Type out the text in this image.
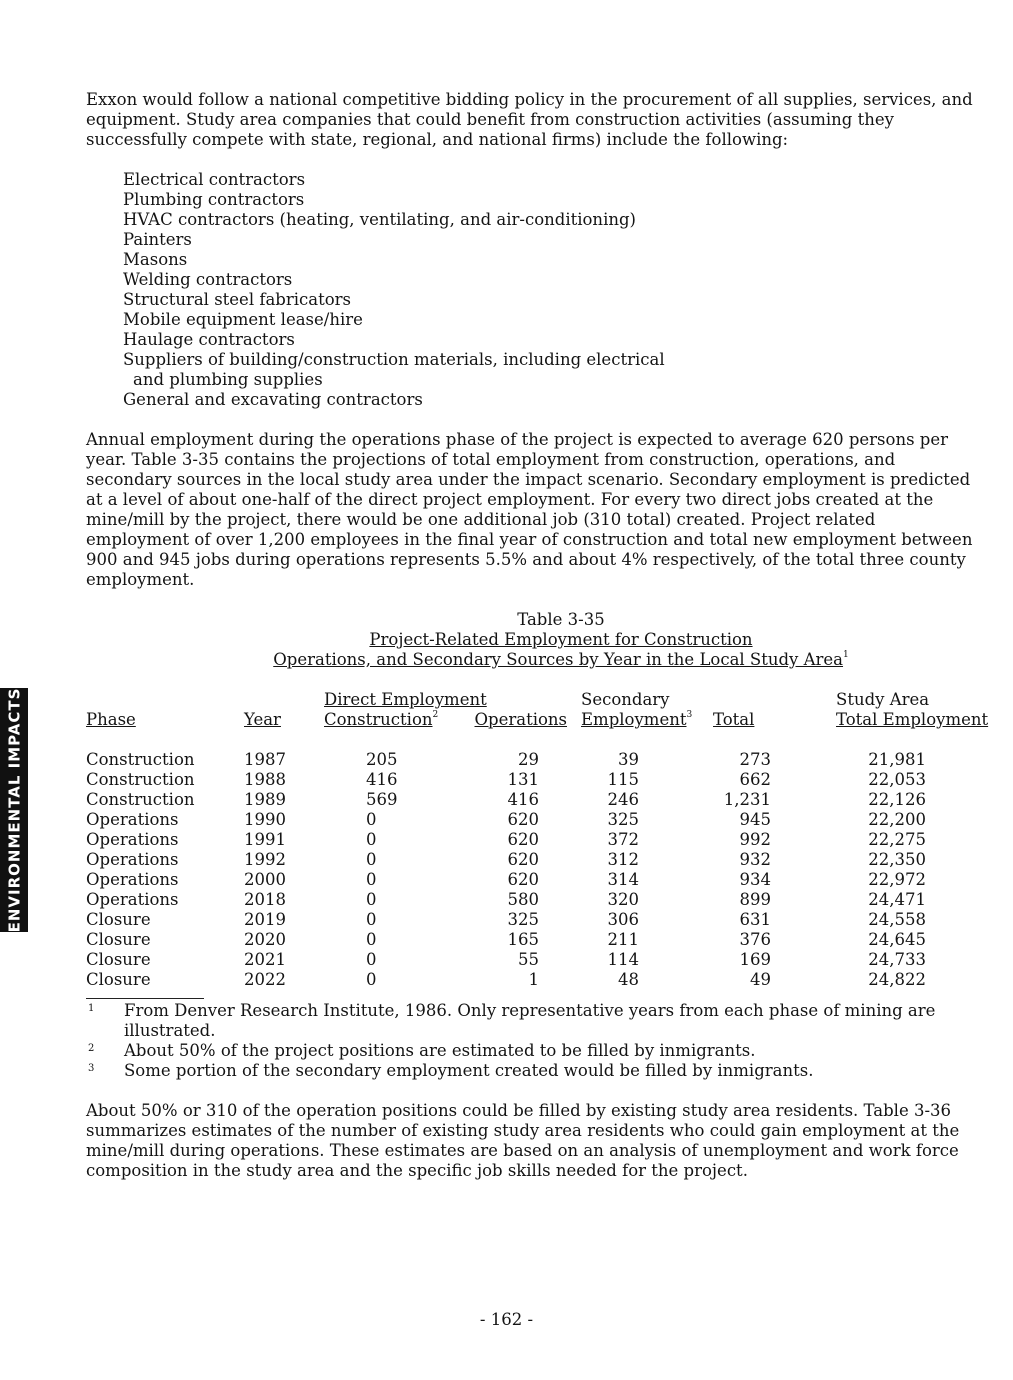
ENVIRONMENTAL IMPACTS

Exxon would follow a national competitive bidding policy in the procurement of all supplies, services, and equipment. Study area companies that could benefit from construction activities (assuming they successfully compete with state, regional, and national firms) include the following:

Electrical contractors
Plumbing contractors
HVAC contractors (heating, ventilating, and air-conditioning)
Painters
Masons
Welding contractors
Structural steel fabricators
Mobile equipment lease/hire
Haulage contractors
Suppliers of building/construction materials, including electrical
and plumbing supplies
General and excavating contractors

Annual employment during the operations phase of the project is expected to average 620 persons per year. Table 3-35 contains the projections of total employment from construction, operations, and secondary sources in the local study area under the impact scenario. Secondary employment is predicted at a level of about one-half of the direct project employment. For every two direct jobs created at the mine/mill by the project, there would be one additional job (310 total) created. Project related employment of over 1,200 employees in the final year of construction and total new employment between 900 and 945 jobs during operations represents 5.5% and about 4% respectively, of the total three county employment.

Table 3-35
Project-Related Employment for Construction
Operations, and Secondary Sources by Year in the Local Study Area$^1$
		Direct Employment		Secondary		Study Area
Phase	Year	Construction$^2$	Operations	Employment$^3$	Total	Total Employment

Construction	1987	205	29	39	273	21,981
Construction	1988	416	131	115	662	22,053
Construction	1989	569	416	246	1,231	22,126
Operations	1990	0	620	325	945	22,200
Operations	1991	0	620	372	992	22,275
Operations	1992	0	620	312	932	22,350
Operations	2000	0	620	314	934	22,972
Operations	2018	0	580	320	899	24,471
Closure	2019	0	325	306	631	24,558
Closure	2020	0	165	211	376	24,645
Closure	2021	0	55	114	169	24,733
Closure	2022	0	1	48	49	24,822

1 From Denver Research Institute, 1986. Only representative years from each phase of mining are illustrated.

2 About 50% of the project positions are estimated to be filled by inmigrants.

3 Some portion of the secondary employment created would be filled by inmigrants.

About 50% or 310 of the operation positions could be filled by existing study area residents. Table 3-36 summarizes estimates of the number of existing study area residents who could gain employment at the mine/mill during operations. These estimates are based on an analysis of unemployment and work force composition in the study area and the specific job skills needed for the project.

- 162 -
